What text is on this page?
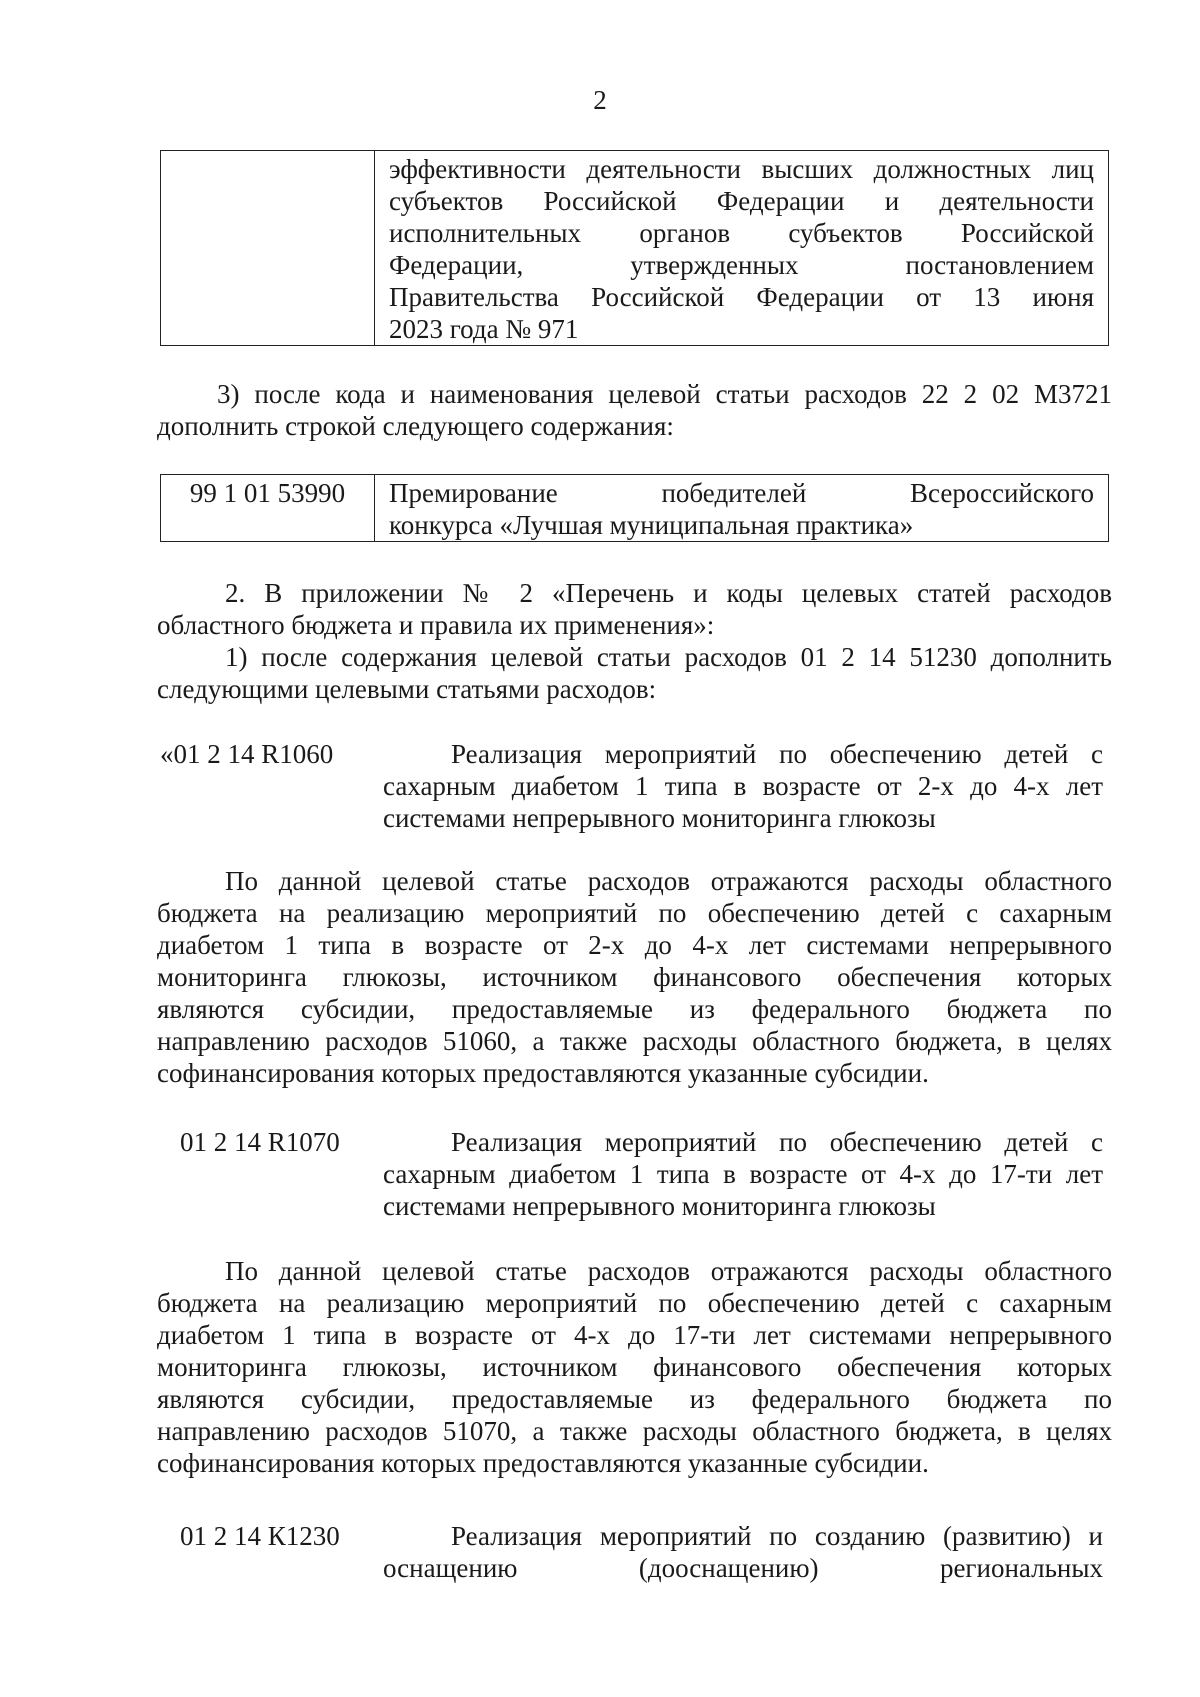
2

эффективности деятельности высших должностных лиц
субъектов Российской Федерации и деятельности
исполнительных органов субъектов Российской
Федерации, утвержденных постановлением
Правительства Российской Федерации от 13 июня
2023 года № 971
3) после кода и наименования целевой статьи расходов 22 2 02 М3721
дополнить строкой следующего содержания:
99 1 01 53990	Премирование победителей Всероссийского
конкурса «Лучшая муниципальная практика»
2. В приложении № 2 «Перечень и коды целевых статей расходов
областного бюджета и правила их применения»:
1) после содержания целевой статьи расходов 01 2 14 51230 дополнить
следующими целевыми статьями расходов:
«01 2 14 R1060	Реализация мероприятий по обеспечению детей с
сахарным диабетом 1 типа в возрасте от 2-х до 4-х лет
системами непрерывного мониторинга глюкозы
По данной целевой статье расходов отражаются расходы областного
бюджета на реализацию мероприятий по обеспечению детей с сахарным
диабетом 1 типа в возрасте от 2-х до 4-х лет системами непрерывного
мониторинга глюкозы, источником финансового обеспечения которых
являются субсидии, предоставляемые из федерального бюджета по
направлению расходов 51060, а также расходы областного бюджета, в целях
софинансирования которых предоставляются указанные субсидии.
01 2 14 R1070	Реализация мероприятий по обеспечению детей с
сахарным диабетом 1 типа в возрасте от 4-х до 17-ти лет
системами непрерывного мониторинга глюкозы
По данной целевой статье расходов отражаются расходы областного
бюджета на реализацию мероприятий по обеспечению детей с сахарным
диабетом 1 типа в возрасте от 4-х до 17-ти лет системами непрерывного
мониторинга глюкозы, источником финансового обеспечения которых
являются субсидии, предоставляемые из федерального бюджета по
направлению расходов 51070, а также расходы областного бюджета, в целях
софинансирования которых предоставляются указанные субсидии.
01 2 14 К1230	Реализация мероприятий по созданию (развитию) и
оснащению (дооснащению) региональных
